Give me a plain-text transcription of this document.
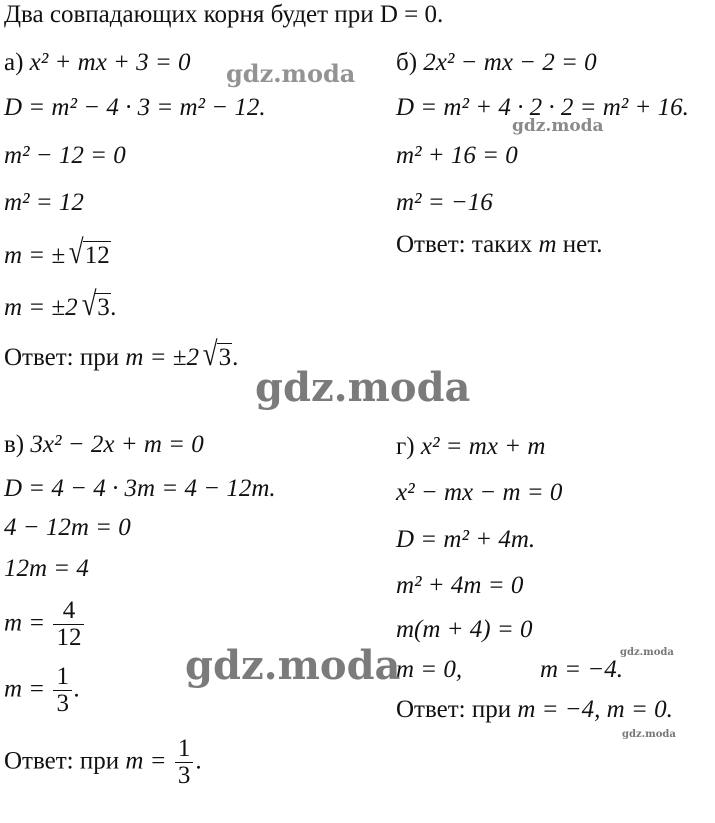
Два совпадающих корня будет при D = 0.
а) x² + mx + 3 = 0
D = m² − 4 · 3 = m² − 12.
m² − 12 = 0
m² = 12
m = ± √ 12
m = ±2 √ 3 .
Ответ: при m = ±2 √ 3 .
б) 2x² − mx − 2 = 0
D = m² + 4 · 2 · 2 = m² + 16.
m² + 16 = 0
m² = −16
Ответ: таких m нет.
в) 3x² − 2x + m = 0
D = 4 − 4 · 3m = 4 − 12m.
4 − 12m = 0
12m = 4
$m = \frac{4}{12}$
$m = \frac{1}{3}$ .
Ответ: при $m = \frac{1}{3}$ .
г) x² = mx + m
x² − mx − m = 0
D = m² + 4m.
m² + 4m = 0
m(m + 4) = 0
m = 0,	m = −4.
Ответ: при m = −4, m = 0.
gdz.moda
gdz.moda
gdz.moda
gdz.moda	gdz.moda
gdz.moda
